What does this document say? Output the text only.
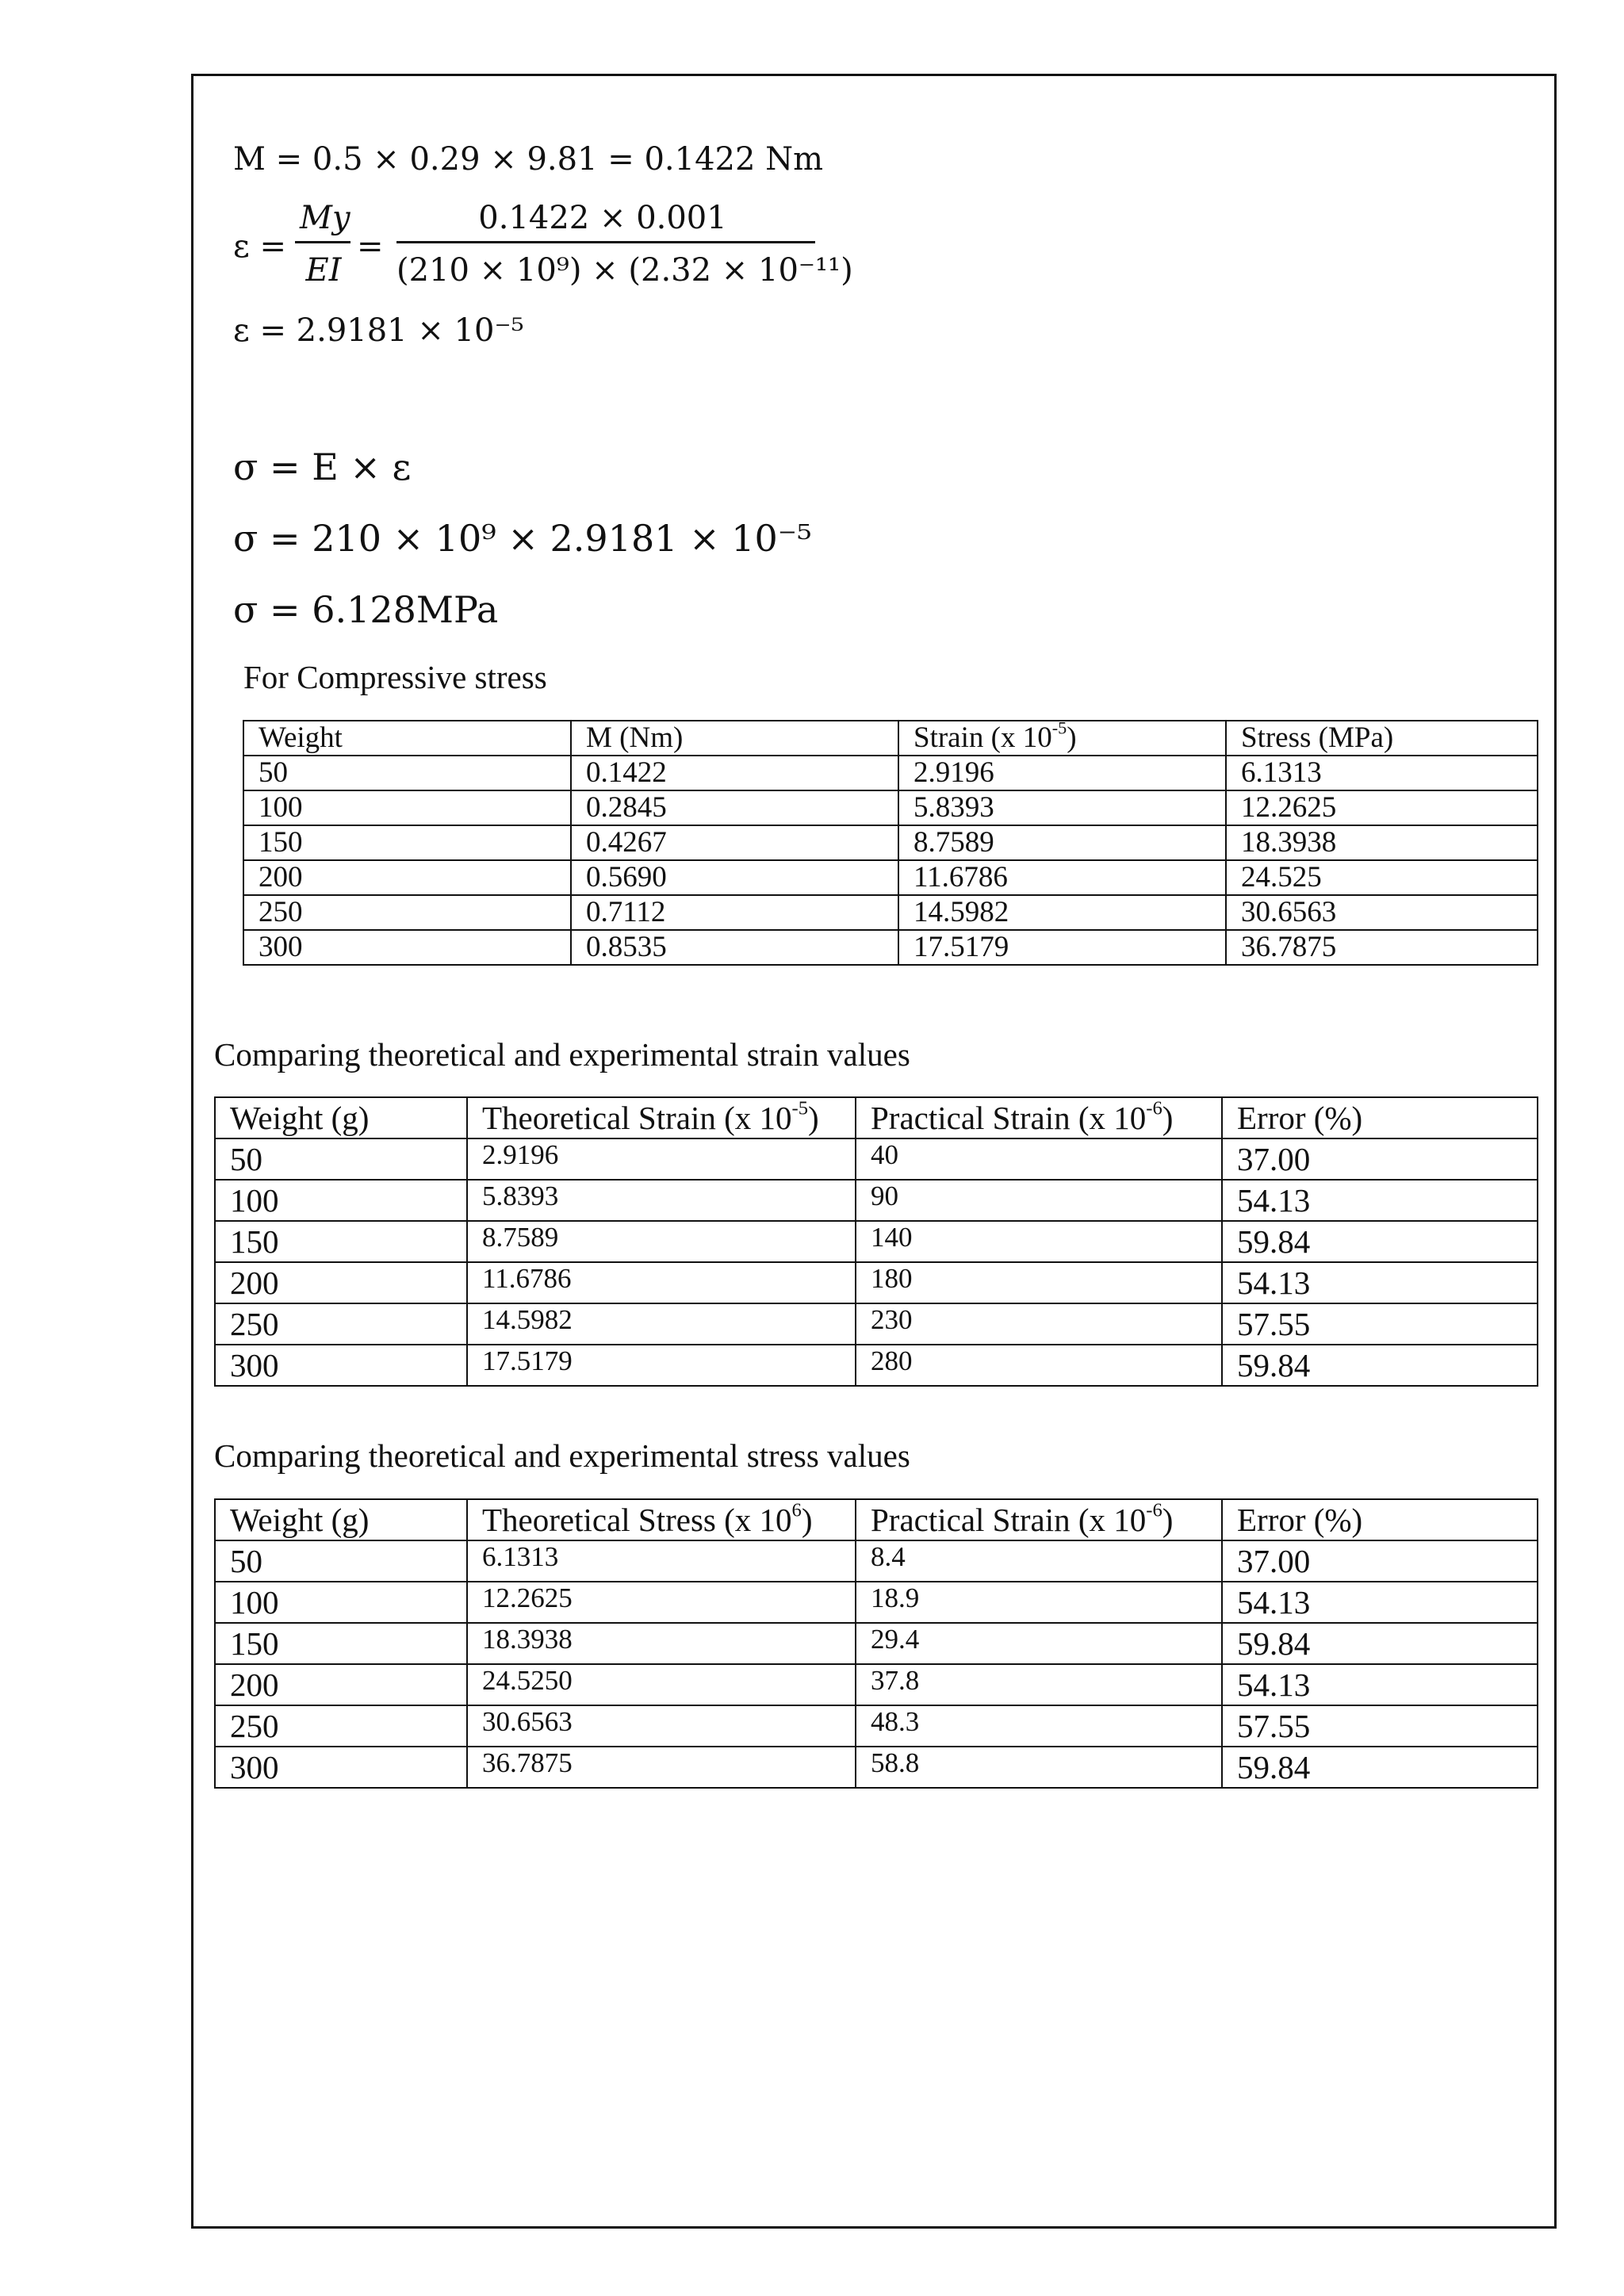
M = 0.5 × 0.29 × 9.81 = 0.1422 Nm
ε =
My
EI
=
0.1422 × 0.001
(210 × 10⁹) × (2.32 × 10⁻¹¹)
ε = 2.9181 × 10⁻⁵
σ = E × ε
σ = 210 × 10⁹ × 2.9181 × 10⁻⁵
σ = 6.128MPa
For Compressive stress
Weight	M (Nm)	Strain (x $10^{-5}$)	Stress (MPa)
50	0.1422	2.9196	6.1313
100	0.2845	5.8393	12.2625
150	0.4267	8.7589	18.3938
200	0.5690	11.6786	24.525
250	0.7112	14.5982	30.6563
300	0.8535	17.5179	36.7875
Comparing theoretical and experimental strain values
Weight (g)	Theoretical Strain (x $10^{-5}$)	Practical Strain (x $10^{-6}$)	Error (%)
50	2.9196	40	37.00
100	5.8393	90	54.13
150	8.7589	140	59.84
200	11.6786	180	54.13
250	14.5982	230	57.55
300	17.5179	280	59.84
Comparing theoretical and experimental stress values
Weight (g)	Theoretical Stress (x $10^6$)	Practical Strain (x $10^{-6}$)	Error (%)
50	6.1313	8.4	37.00
100	12.2625	18.9	54.13
150	18.3938	29.4	59.84
200	24.5250	37.8	54.13
250	30.6563	48.3	57.55
300	36.7875	58.8	59.84
